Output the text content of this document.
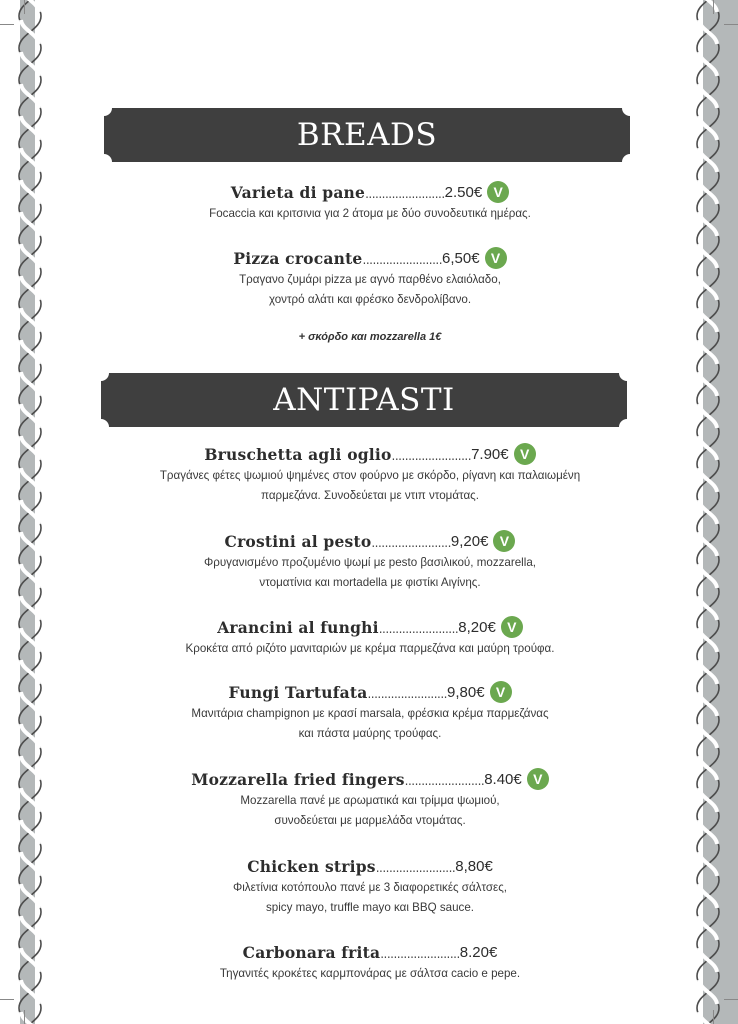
BREADS
Varieta di pane ........................ 2.50€ V
Focaccia και κριτσινια για 2 άτομα με δύο συνοδευτικά ημέρας.
Pizza crocante ........................ 6,50€ V
Τραγανο ζυμάρι pizza με αγνό παρθένο ελαιόλαδο,
χοντρό αλάτι και φρέσκο δενδρολίβανο.
+ σκόρδο και mozzarella 1€
ANTIPASTI
Bruschetta agli oglio ........................ 7.90€ V
Τραγάνες φέτες ψωμιού ψημένες στον φούρνο με σκόρδο, ρίγανη και παλαιωμένη
παρμεζάνα. Συνοδεύεται με ντιπ ντομάτας.
Crostini al pesto ........................ 9,20€ V
Φρυγανισμένο προζυμένιο ψωμί με pesto βασιλικού, mozzarella,
ντοματίνια και mortadella με φιστίκι Αιγίνης.
Arancini al funghi ........................ 8,20€ V
Κροκέτα από ριζότο μανιταριών με κρέμα παρμεζάνα και μαύρη τρούφα.
Fungi Tartufata ........................ 9,80€ V
Μανιτάρια champignon με κρασί marsala, φρέσκια κρέμα παρμεζάνας
και πάστα μαύρης τρούφας.
Mozzarella fried fingers ........................ 8.40€ V
Mozzarella πανέ με αρωματικά και τρίμμα ψωμιού,
συνοδεύεται με μαρμελάδα ντομάτας.
Chicken strips ........................ 8,80€
Φιλετίνια κοτόπουλο πανέ με 3 διαφορετικές σάλτσες,
spicy mayo, truffle mayo και BBQ sauce.
Carbonara frita ........................ 8.20€
Τηγανιτές κροκέτες καρμπονάρας με σάλτσα cacio e pepe.
